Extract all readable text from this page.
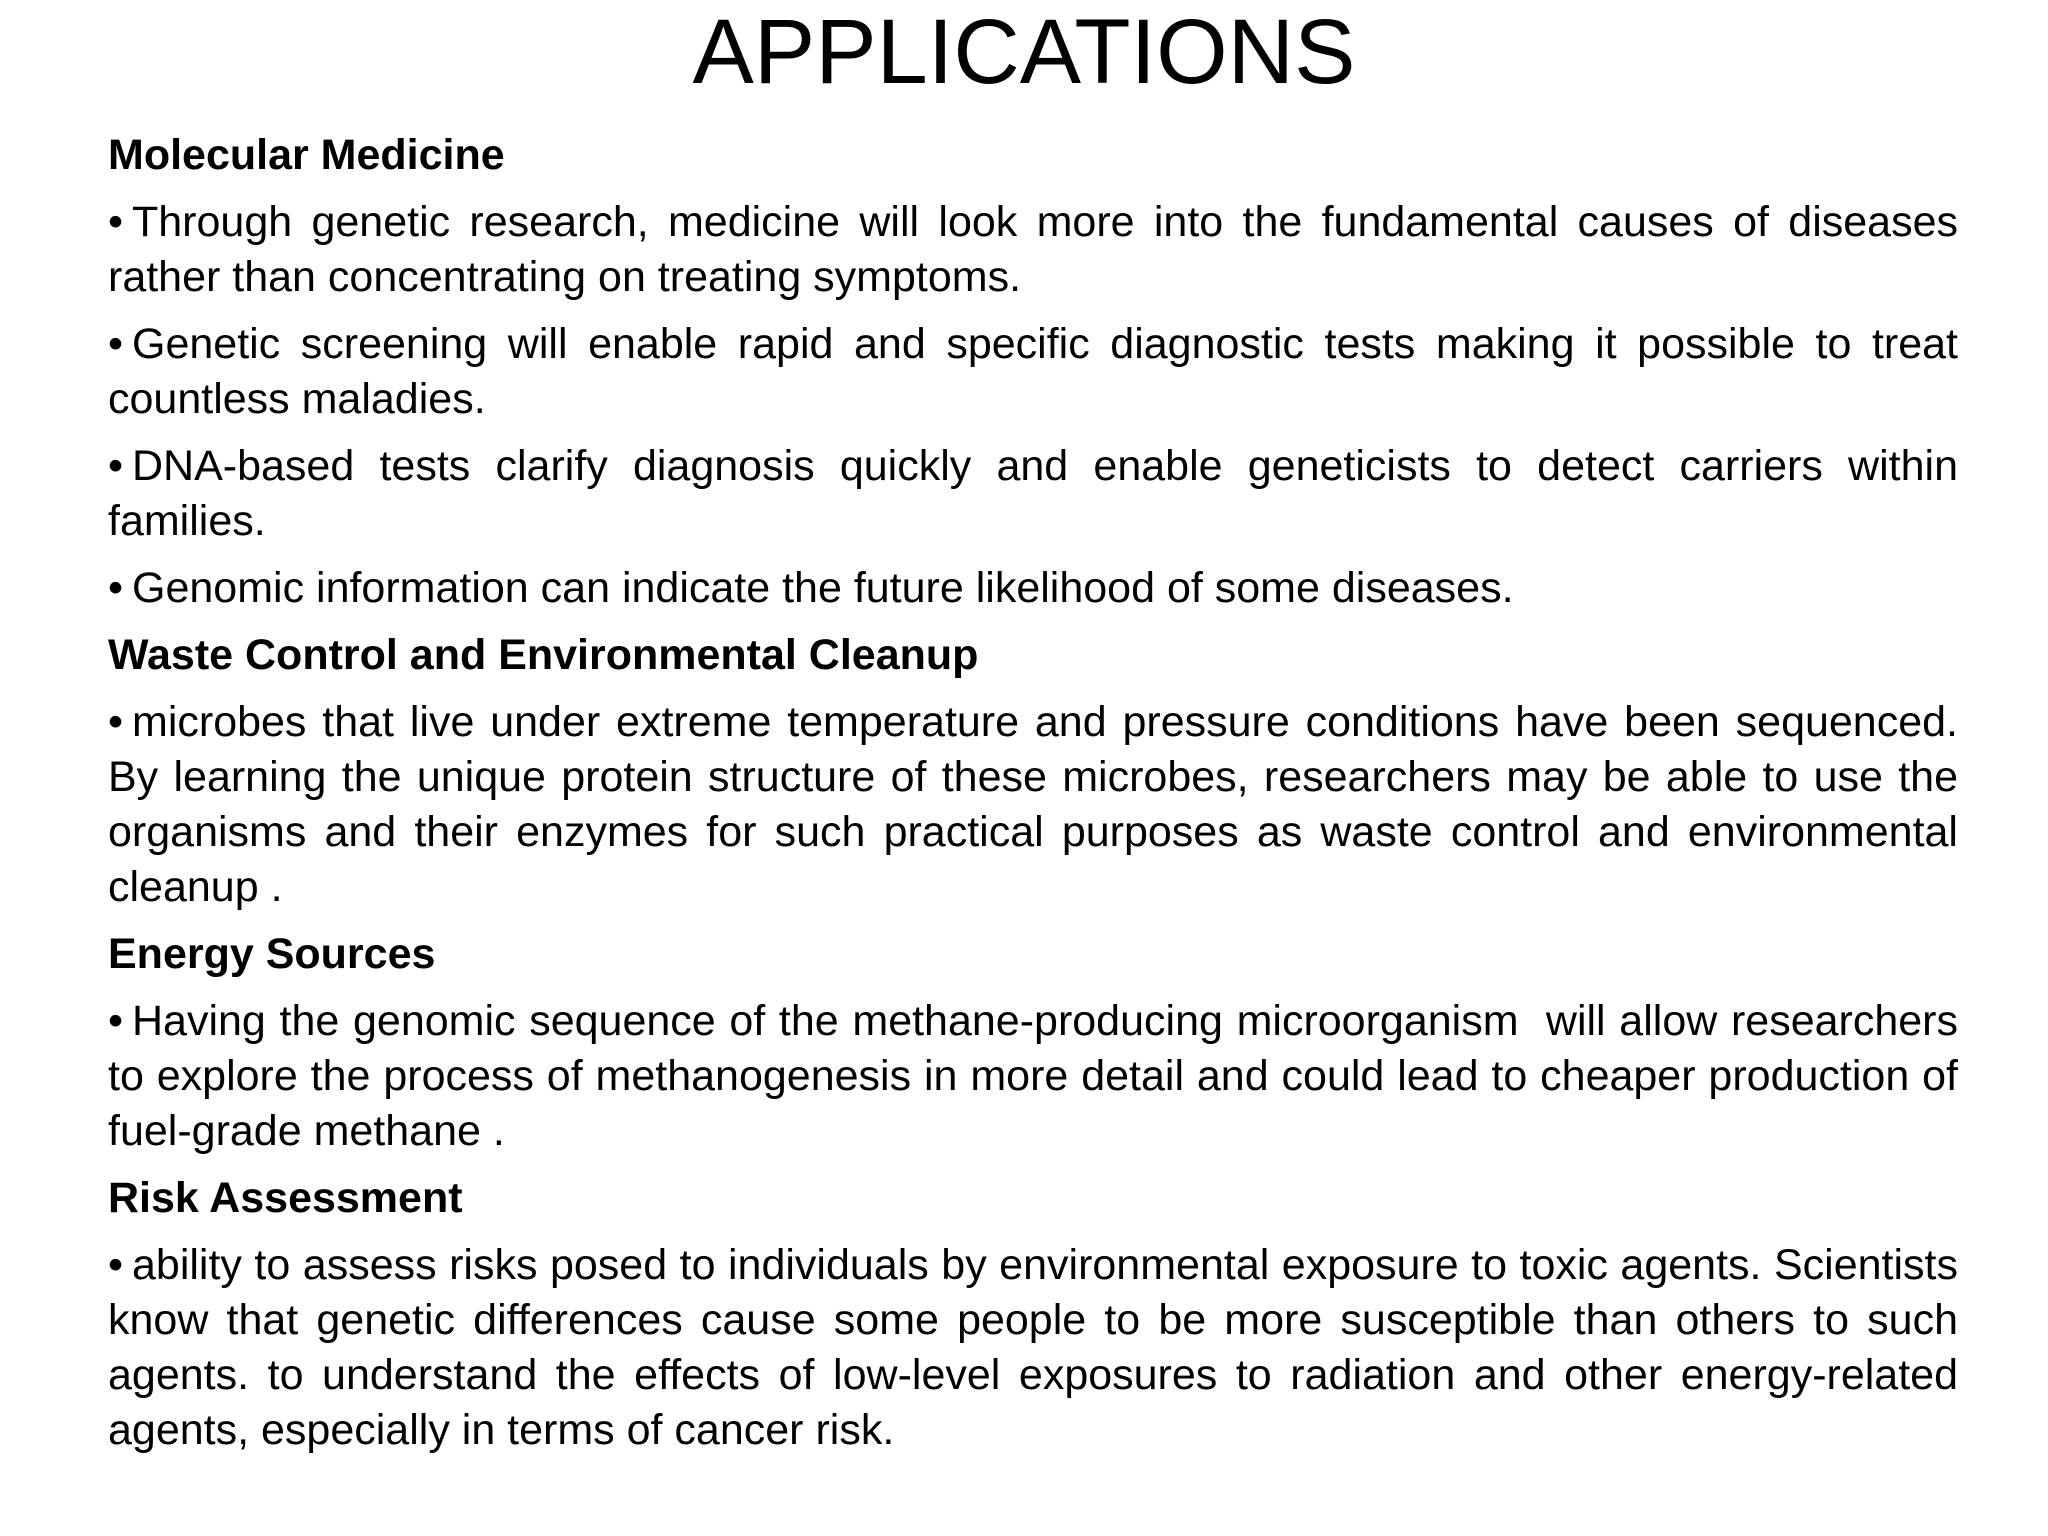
APPLICATIONS
Molecular Medicine
• Through genetic research, medicine will look more into the fundamental causes of diseases rather than concentrating on treating symptoms.
• Genetic screening will enable rapid and specific diagnostic tests making it possible to treat countless maladies.
• DNA-based tests clarify diagnosis quickly and enable geneticists to detect carriers within families.
• Genomic information can indicate the future likelihood of some diseases.
Waste Control and Environmental Cleanup
• microbes that live under extreme temperature and pressure conditions have been sequenced. By learning the unique protein structure of these microbes, researchers may be able to use the organisms and their enzymes for such practical purposes as waste control and environmental cleanup .
Energy Sources
• Having the genomic sequence of the methane-producing microorganism  will allow researchers to explore the process of methanogenesis in more detail and could lead to cheaper production of fuel-grade methane .
Risk Assessment
• ability to assess risks posed to individuals by environmental exposure to toxic agents. Scientists know that genetic differences cause some people to be more susceptible than others to such agents. to understand the effects of low-level exposures to radiation and other energy-related agents, especially in terms of cancer risk.
